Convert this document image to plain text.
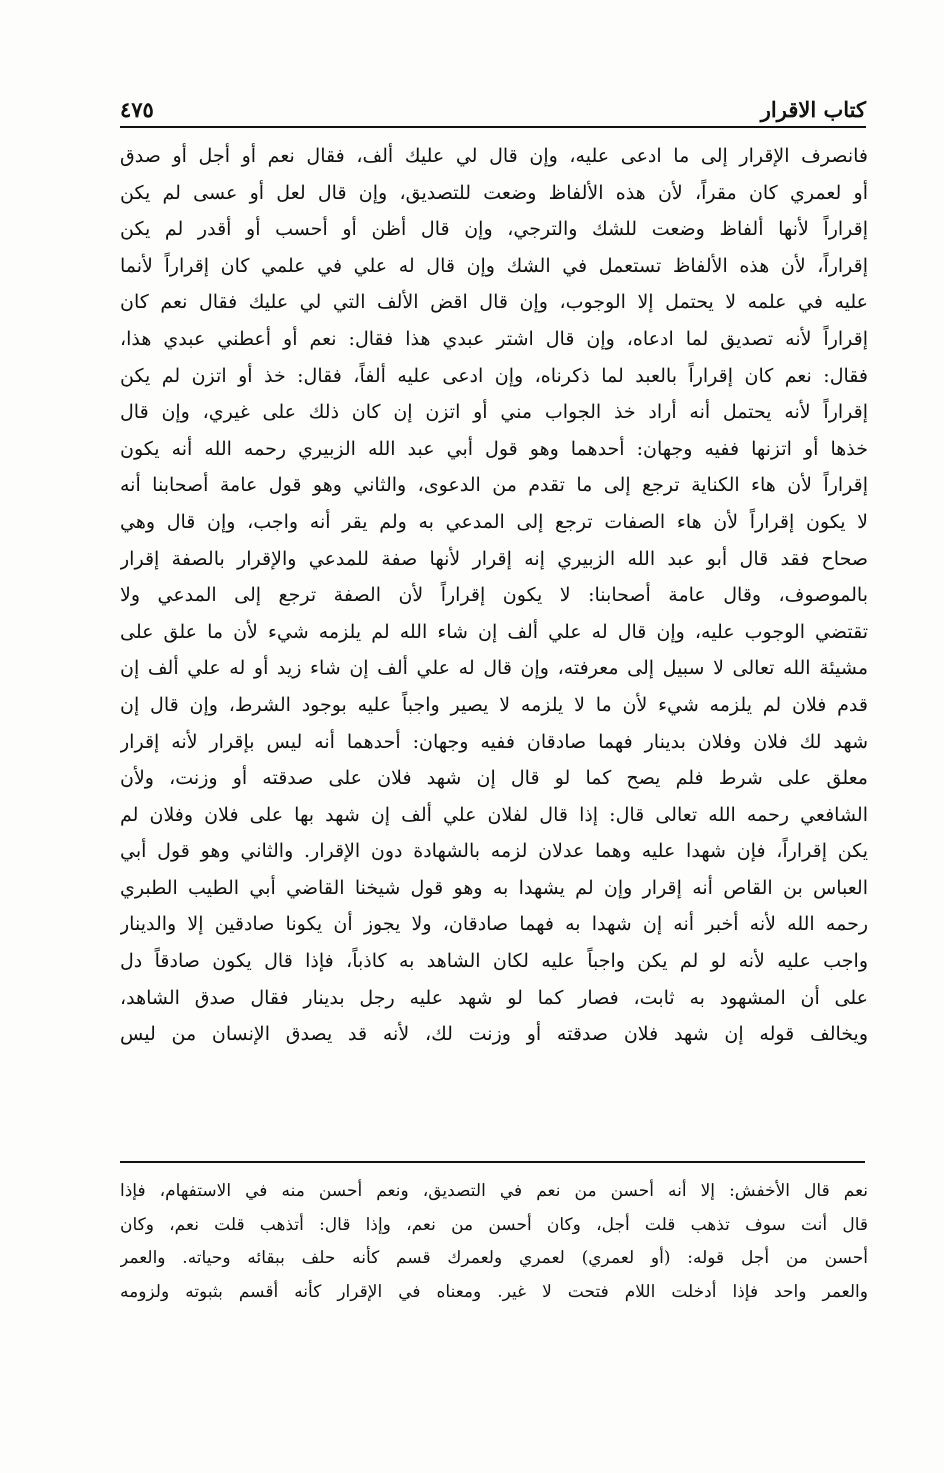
كتاب الاقرار
٤٧٥
فانصرف الإقرار إلى ما ادعى عليه، وإن قال لي عليك ألف، فقال نعم أو أجل أو صدق
أو لعمري كان مقراً، لأن هذه الألفاظ وضعت للتصديق، وإن قال لعل أو عسى لم يكن
إقراراً لأنها ألفاظ وضعت للشك والترجي، وإن قال أظن أو أحسب أو أقدر لم يكن
إقراراً، لأن هذه الألفاظ تستعمل في الشك وإن قال له علي في علمي كان إقراراً لأنما
عليه في علمه لا يحتمل إلا الوجوب، وإن قال اقض الألف التي لي عليك فقال نعم كان
إقراراً لأنه تصديق لما ادعاه، وإن قال اشتر عبدي هذا فقال: نعم أو أعطني عبدي هذا،
فقال: نعم كان إقراراً بالعبد لما ذكرناه، وإن ادعى عليه ألفاً، فقال: خذ أو اتزن لم يكن
إقراراً لأنه يحتمل أنه أراد خذ الجواب مني أو اتزن إن كان ذلك على غيري، وإن قال
خذها أو اتزنها ففيه وجهان: أحدهما وهو قول أبي عبد الله الزبيري رحمه الله أنه يكون
إقراراً لأن هاء الكناية ترجع إلى ما تقدم من الدعوى، والثاني وهو قول عامة أصحابنا أنه
لا يكون إقراراً لأن هاء الصفات ترجع إلى المدعي به ولم يقر أنه واجب، وإن قال وهي
صحاح فقد قال أبو عبد الله الزبيري إنه إقرار لأنها صفة للمدعي والإقرار بالصفة إقرار
بالموصوف، وقال عامة أصحابنا: لا يكون إقراراً لأن الصفة ترجع إلى المدعي ولا
تقتضي الوجوب عليه، وإن قال له علي ألف إن شاء الله لم يلزمه شيء لأن ما علق على
مشيئة الله تعالى لا سبيل إلى معرفته، وإن قال له علي ألف إن شاء زيد أو له علي ألف إن
قدم فلان لم يلزمه شيء لأن ما لا يلزمه لا يصير واجباً عليه بوجود الشرط، وإن قال إن
شهد لك فلان وفلان بدينار فهما صادقان ففيه وجهان: أحدهما أنه ليس بإقرار لأنه إقرار
معلق على شرط فلم يصح كما لو قال إن شهد فلان على صدقته أو وزنت، ولأن
الشافعي رحمه الله تعالى قال: إذا قال لفلان علي ألف إن شهد بها على فلان وفلان لم
يكن إقراراً، فإن شهدا عليه وهما عدلان لزمه بالشهادة دون الإقرار. والثاني وهو قول أبي
العباس بن القاص أنه إقرار وإن لم يشهدا به وهو قول شيخنا القاضي أبي الطيب الطبري
رحمه الله لأنه أخبر أنه إن شهدا به فهما صادقان، ولا يجوز أن يكونا صادقين إلا والدينار
واجب عليه لأنه لو لم يكن واجباً عليه لكان الشاهد به كاذباً، فإذا قال يكون صادقاً دل
على أن المشهود به ثابت، فصار كما لو شهد عليه رجل بدينار فقال صدق الشاهد،
ويخالف قوله إن شهد فلان صدقته أو وزنت لك، لأنه قد يصدق الإنسان من ليس
نعم قال الأخفش: إلا أنه أحسن من نعم في التصديق، ونعم أحسن منه في الاستفهام، فإذا
قال أنت سوف تذهب قلت أجل، وكان أحسن من نعم، وإذا قال: أتذهب قلت نعم، وكان
أحسن من أجل قوله: (أو لعمري) لعمري ولعمرك قسم كأنه حلف ببقائه وحياته. والعمر
والعمر واحد فإذا أدخلت اللام فتحت لا غير. ومعناه في الإقرار كأنه أقسم بثبوته ولزومه
